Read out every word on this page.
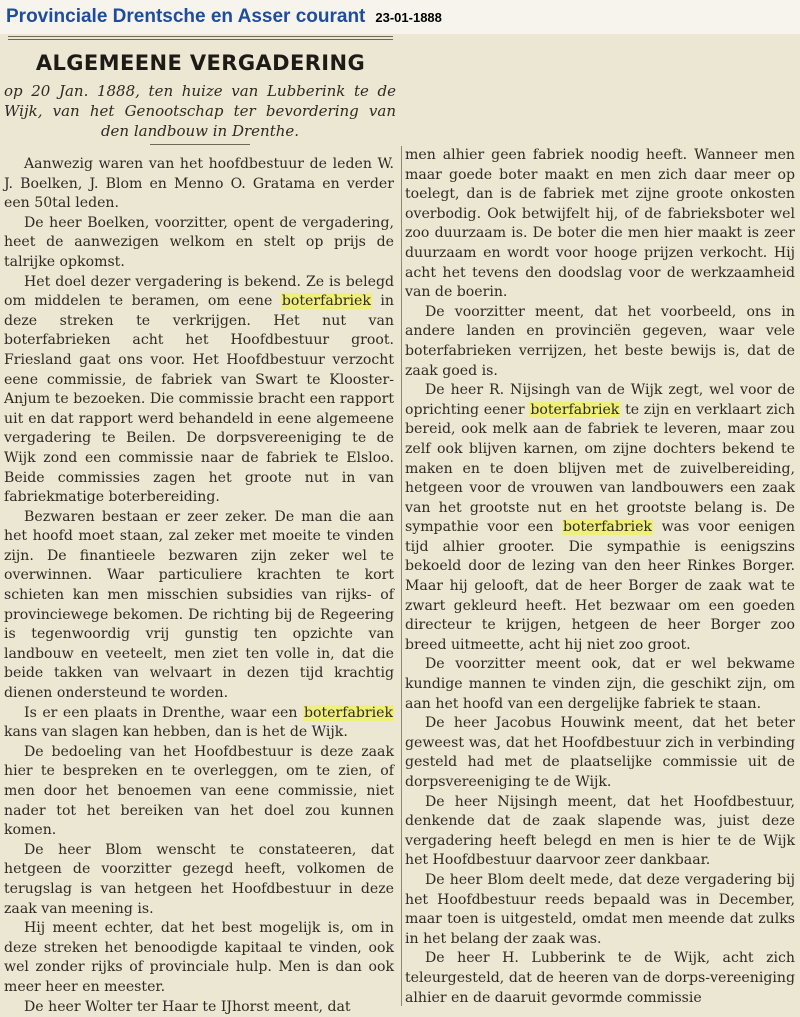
Provinciale Drentsche en Asser courant 23-01-1888
ALGEMEENE VERGADERING
op 20 Jan. 1888, ten huize van Lubberink te de Wijk, van het Genootschap ter bevordering van den landbouw in Drenthe.

Aanwezig waren van het hoofdbestuur de leden W. J. Boelken, J. Blom en Menno O. Gratama en verder een 50tal leden.

De heer Boelken, voorzitter, opent de vergadering, heet de aanwezigen welkom en stelt op prijs de talrijke opkomst.

Het doel dezer vergadering is bekend. Ze is belegd om middelen te beramen, om eene boterfabriek in deze streken te verkrijgen. Het nut van boterfabrieken acht het Hoofdbestuur groot. Friesland gaat ons voor. Het Hoofdbestuur verzocht eene commissie, de fabriek van Swart te Klooster-Anjum te bezoeken. Die commissie bracht een rapport uit en dat rapport werd behandeld in eene algemeene vergadering te Beilen. De dorpsvereeniging te de Wijk zond een commissie naar de fabriek te Elsloo. Beide commissies zagen het groote nut in van fabriekmatige boterbereiding.

Bezwaren bestaan er zeer zeker. De man die aan het hoofd moet staan, zal zeker met moeite te vinden zijn. De finantieele bezwaren zijn zeker wel te overwinnen. Waar particuliere krachten te kort schieten kan men misschien subsidies van rijks- of provinciewege bekomen. De richting bij de Regeering is tegenwoordig vrij gunstig ten opzichte van landbouw en veeteelt, men ziet ten volle in, dat die beide takken van welvaart in dezen tijd krachtig dienen ondersteund te worden.

Is er een plaats in Drenthe, waar een boterfabriek kans van slagen kan hebben, dan is het de Wijk.

De bedoeling van het Hoofdbestuur is deze zaak hier te bespreken en te overleggen, om te zien, of men door het benoemen van eene commissie, niet nader tot het bereiken van het doel zou kunnen komen.

De heer Blom wenscht te constateeren, dat hetgeen de voorzitter gezegd heeft, volkomen de terugslag is van hetgeen het Hoofdbestuur in deze zaak van meening is.

Hij meent echter, dat het best mogelijk is, om in deze streken het benoodigde kapitaal te vinden, ook wel zonder rijks of provinciale hulp. Men is dan ook meer heer en meester.

De heer Wolter ter Haar te IJhorst meent, dat

men alhier geen fabriek noodig heeft. Wanneer men maar goede boter maakt en men zich daar meer op toelegt, dan is de fabriek met zijne groote onkosten overbodig. Ook betwijfelt hij, of de fabrieksboter wel zoo duurzaam is. De boter die men hier maakt is zeer duurzaam en wordt voor hooge prijzen verkocht. Hij acht het tevens den doodslag voor de werkzaamheid van de boerin.

De voorzitter meent, dat het voorbeeld, ons in andere landen en provinciën gegeven, waar vele boterfabrieken verrijzen, het beste bewijs is, dat de zaak goed is.

De heer R. Nijsingh van de Wijk zegt, wel voor de oprichting eener boterfabriek te zijn en verklaart zich bereid, ook melk aan de fabriek te leveren, maar zou zelf ook blijven karnen, om zijne dochters bekend te maken en te doen blijven met de zuivelbereiding, hetgeen voor de vrouwen van landbouwers een zaak van het grootste nut en het grootste belang is. De sympathie voor een boterfabriek was voor eenigen tijd alhier grooter. Die sympathie is eenigszins bekoeld door de lezing van den heer Rinkes Borger. Maar hij gelooft, dat de heer Borger de zaak wat te zwart gekleurd heeft. Het bezwaar om een goeden directeur te krijgen, hetgeen de heer Borger zoo breed uitmeette, acht hij niet zoo groot.

De voorzitter meent ook, dat er wel bekwame kundige mannen te vinden zijn, die geschikt zijn, om aan het hoofd van een dergelijke fabriek te staan.

De heer Jacobus Houwink meent, dat het beter geweest was, dat het Hoofdbestuur zich in verbinding gesteld had met de plaatselijke commissie uit de dorpsvereeniging te de Wijk.

De heer Nijsingh meent, dat het Hoofdbestuur, denkende dat de zaak slapende was, juist deze vergadering heeft belegd en men is hier te de Wijk het Hoofdbestuur daarvoor zeer dankbaar.

De heer Blom deelt mede, dat deze vergadering bij het Hoofdbestuur reeds bepaald was in December, maar toen is uitgesteld, omdat men meende dat zulks in het belang der zaak was.

De heer H. Lubberink te de Wijk, acht zich teleurgesteld, dat de heeren van de dorps-vereeniging alhier en de daaruit gevormde commissie
